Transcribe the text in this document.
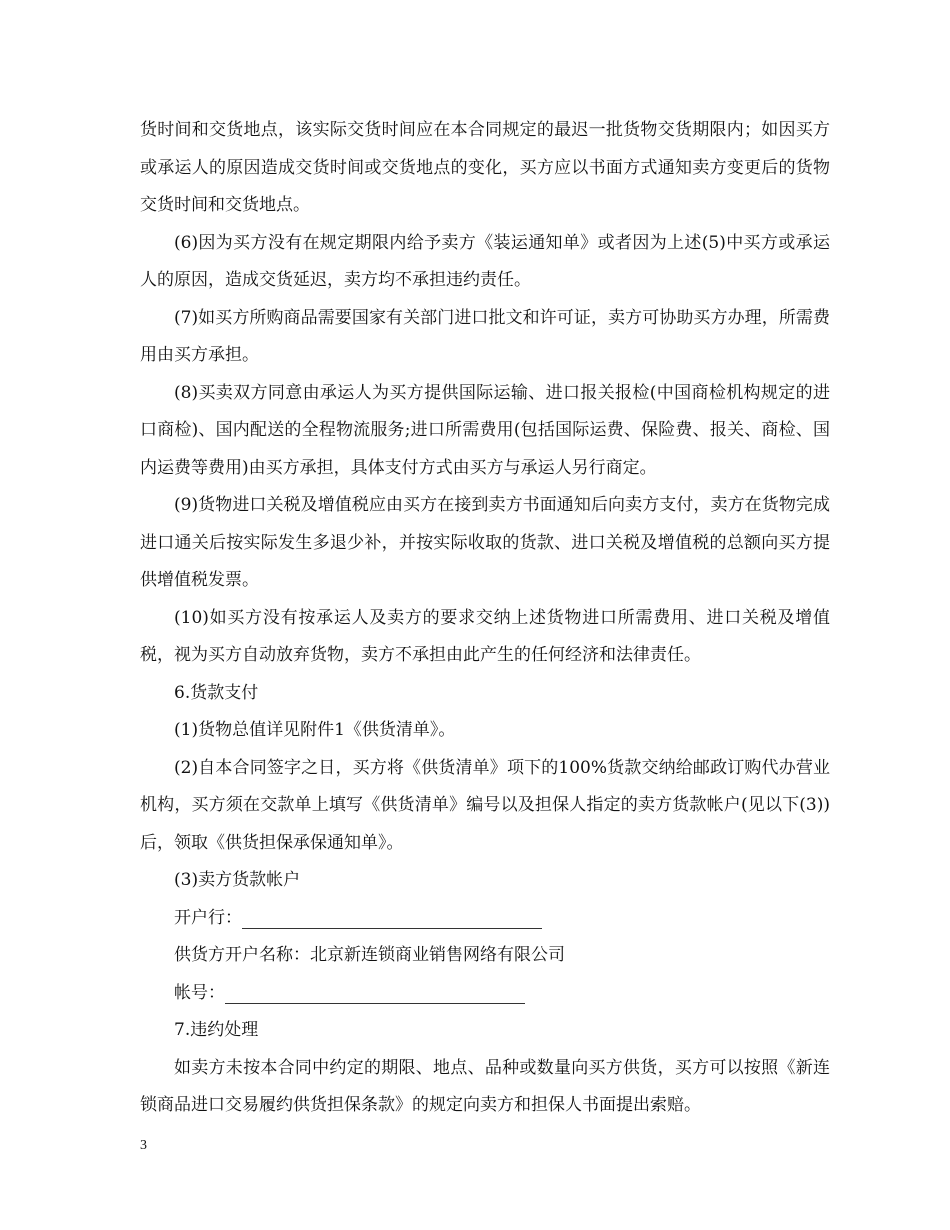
货时间和交货地点，该实际交货时间应在本合同规定的最迟一批货物交货期限内；如因买方或承运人的原因造成交货时间或交货地点的变化，买方应以书面方式通知卖方变更后的货物交货时间和交货地点。

(6)因为买方没有在规定期限内给予卖方《装运通知单》或者因为上述(5)中买方或承运人的原因，造成交货延迟，卖方均不承担违约责任。

(7)如买方所购商品需要国家有关部门进口批文和许可证，卖方可协助买方办理，所需费用由买方承担。

(8)买卖双方同意由承运人为买方提供国际运输、进口报关报检(中国商检机构规定的进口商检)、国内配送的全程物流服务;进口所需费用(包括国际运费、保险费、报关、商检、国内运费等费用)由买方承担，具体支付方式由买方与承运人另行商定。

(9)货物进口关税及增值税应由买方在接到卖方书面通知后向卖方支付，卖方在货物完成进口通关后按实际发生多退少补，并按实际收取的货款、进口关税及增值税的总额向买方提供增值税发票。

(10)如买方没有按承运人及卖方的要求交纳上述货物进口所需费用、进口关税及增值税，视为买方自动放弃货物，卖方不承担由此产生的任何经济和法律责任。

6.货款支付

(1)货物总值详见附件1《供货清单》。

(2)自本合同签字之日，买方将《供货清单》项下的100%货款交纳给邮政订购代办营业机构，买方须在交款单上填写《供货清单》编号以及担保人指定的卖方货款帐户(见以下(3))后，领取《供货担保承保通知单》。

(3)卖方货款帐户

开户行：

供货方开户名称：北京新连锁商业销售网络有限公司

帐号：

7.违约处理

如卖方未按本合同中约定的期限、地点、品种或数量向买方供货，买方可以按照《新连锁商品进口交易履约供货担保条款》的规定向卖方和担保人书面提出索赔。

3
